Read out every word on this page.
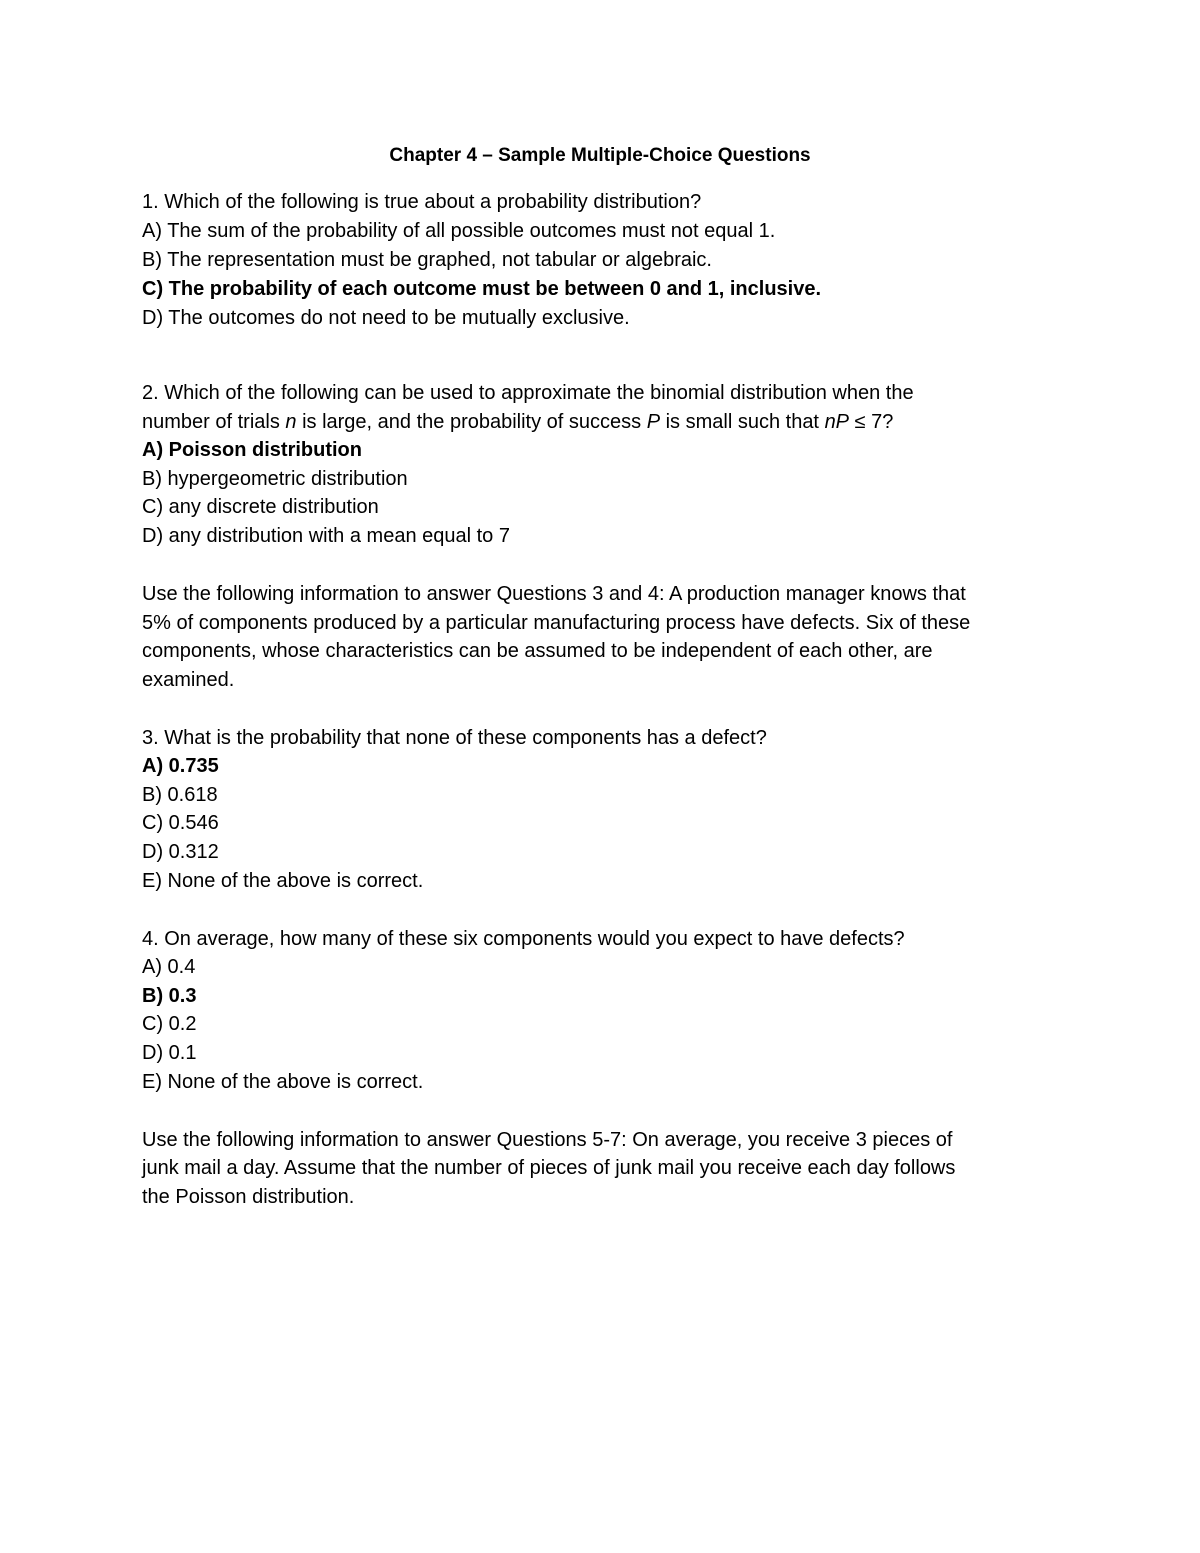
Chapter 4 – Sample Multiple-Choice Questions
1. Which of the following is true about a probability distribution?
A) The sum of the probability of all possible outcomes must not equal 1.
B) The representation must be graphed, not tabular or algebraic.
C) The probability of each outcome must be between 0 and 1, inclusive.
D) The outcomes do not need to be mutually exclusive.
2. Which of the following can be used to approximate the binomial distribution when the
number of trials n is large, and the probability of success P is small such that nP ≤ 7?
A) Poisson distribution
B) hypergeometric distribution
C) any discrete distribution
D) any distribution with a mean equal to 7
Use the following information to answer Questions 3 and 4: A production manager knows that
5% of components produced by a particular manufacturing process have defects. Six of these
components, whose characteristics can be assumed to be independent of each other, are
examined.
3. What is the probability that none of these components has a defect?
A) 0.735
B) 0.618
C) 0.546
D) 0.312
E) None of the above is correct.
4. On average, how many of these six components would you expect to have defects?
A) 0.4
B) 0.3
C) 0.2
D) 0.1
E) None of the above is correct.
Use the following information to answer Questions 5-7: On average, you receive 3 pieces of
junk mail a day. Assume that the number of pieces of junk mail you receive each day follows
the Poisson distribution.
